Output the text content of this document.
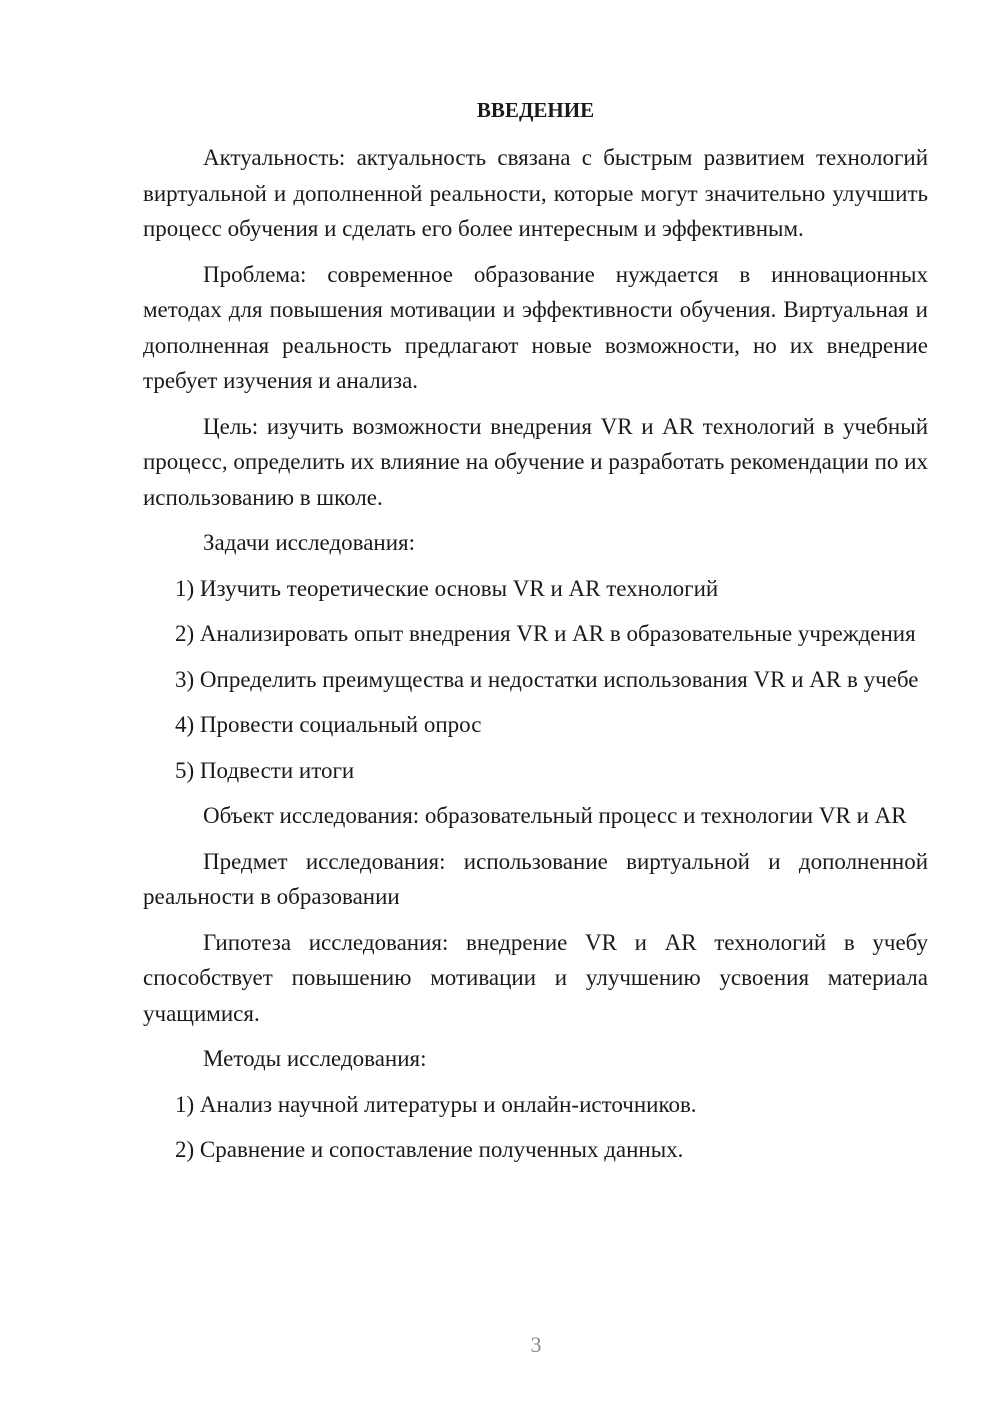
ВВЕДЕНИЕ

Актуальность: актуальность связана с быстрым развитием технологий виртуальной и дополненной реальности, которые могут значительно улучшить процесс обучения и сделать его более интересным и эффективным.

Проблема: современное образование нуждается в инновационных методах для повышения мотивации и эффективности обучения. Виртуальная и дополненная реальность предлагают новые возможности, но их внедрение требует изучения и анализа.

Цель: изучить возможности внедрения VR и AR технологий в учебный процесс, определить их влияние на обучение и разработать рекомендации по их использованию в школе.

Задачи исследования:

1) Изучить теоретические основы VR и AR технологий

2) Анализировать опыт внедрения VR и AR в образовательные учреждения

3) Определить преимущества и недостатки использования VR и AR в учебе

4) Провести социальный опрос

5) Подвести итоги

Объект исследования: образовательный процесс и технологии VR и AR

Предмет исследования: использование виртуальной и дополненной реальности в образовании

Гипотеза исследования: внедрение VR и AR технологий в учебу способствует повышению мотивации и улучшению усвоения материала учащимися.

Методы исследования:

1) Анализ научной литературы и онлайн-источников.

2) Сравнение и сопоставление полученных данных.

3
